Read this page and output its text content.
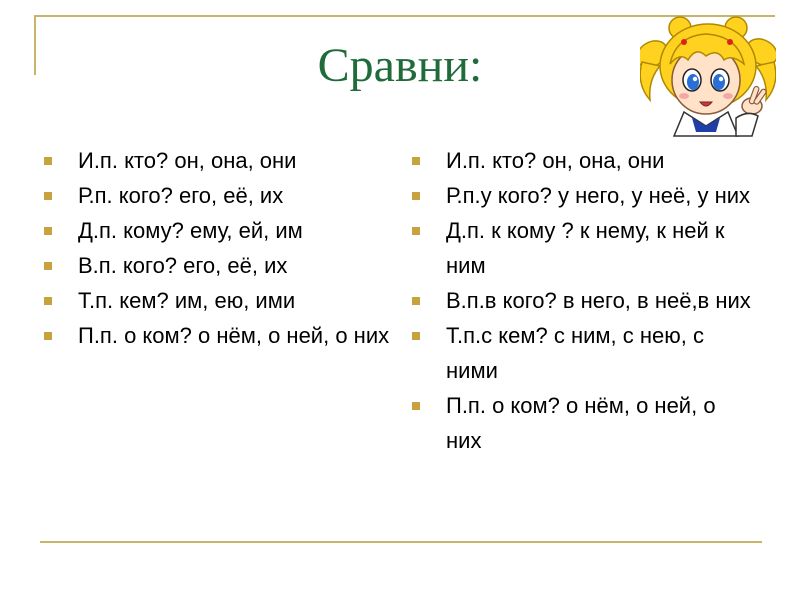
Сравни:
И.п. кто? он, она, они
Р.п. кого? его, её, их
Д.п. кому? ему, ей, им
В.п. кого? его, её, их
Т.п. кем? им, ею, ими
П.п. о ком? о нём, о ней, о них
И.п. кто? он, она, они
Р.п.у кого? у него, у неё, у них
Д.п. к кому ? к нему, к ней к ним
В.п.в кого? в него, в неё,в них
Т.п.с кем? с ним, с нею, с ними
П.п. о ком? о нём, о ней, о них
